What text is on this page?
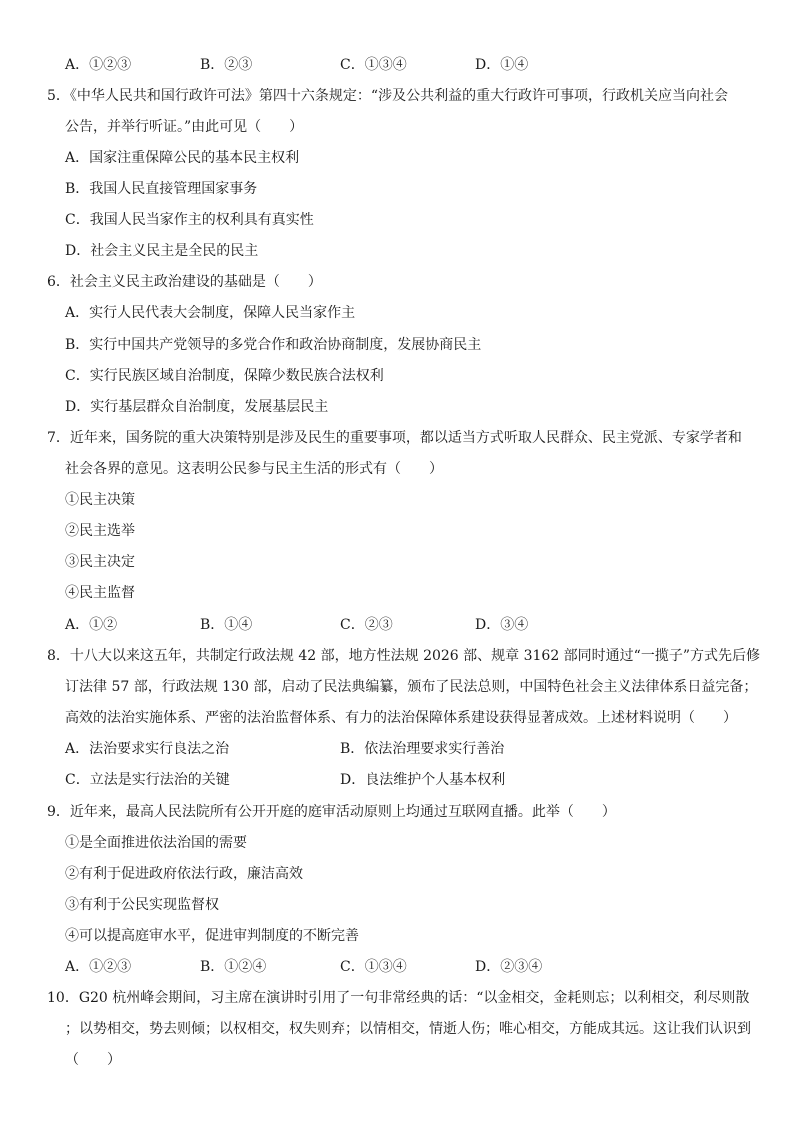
A．①②③	B．②③	C．①③④	D．①④
5．《中华人民共和国行政许可法》第四十六条规定：“涉及公共利益的重大行政许可事项，行政机关应当向社会
公告，并举行听证。”由此可见（　　）
A．国家注重保障公民的基本民主权利
B．我国人民直接管理国家事务
C．我国人民当家作主的权利具有真实性
D．社会主义民主是全民的民主
6．社会主义民主政治建设的基础是（　　）
A．实行人民代表大会制度，保障人民当家作主
B．实行中国共产党领导的多党合作和政治协商制度，发展协商民主
C．实行民族区域自治制度，保障少数民族合法权利
D．实行基层群众自治制度，发展基层民主
7．近年来，国务院的重大决策特别是涉及民生的重要事项，都以适当方式听取人民群众、民主党派、专家学者和
社会各界的意见。这表明公民参与民主生活的形式有（　　）
①民主决策
②民主选举
③民主决定
④民主监督
A．①②	B．①④	C．②③	D．③④
8．十八大以来这五年，共制定行政法规 42 部，地方性法规 2026 部、规章 3162 部同时通过“一揽子”方式先后修
订法律 57 部，行政法规 130 部，启动了民法典编纂，颁布了民法总则，中国特色社会主义法律体系日益完备；
高效的法治实施体系、严密的法治监督体系、有力的法治保障体系建设获得显著成效。上述材料说明（　　）
A．法治要求实行良法之治	B．依法治理要求实行善治
C．立法是实行法治的关键	D．良法维护个人基本权利
9．近年来，最高人民法院所有公开开庭的庭审活动原则上均通过互联网直播。此举（　　）
①是全面推进依法治国的需要
②有利于促进政府依法行政，廉洁高效
③有利于公民实现监督权
④可以提高庭审水平，促进审判制度的不断完善
A．①②③	B．①②④	C．①③④	D．②③④
10．G20 杭州峰会期间，习主席在演讲时引用了一句非常经典的话：“以金相交，金耗则忘；以利相交，利尽则散
；以势相交，势去则倾；以权相交，权失则弃；以情相交，情逝人伤；唯心相交，方能成其远。这让我们认识到
（　　）
